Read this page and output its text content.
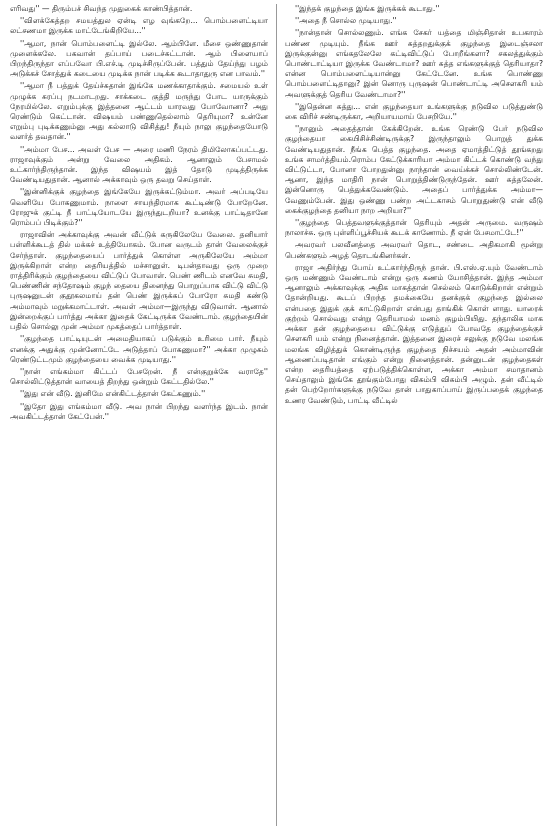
எரிவது'' — திரும்பச் சிவந்த முதுகைக் காண்பித்தான்.

''விளக்கேத்தற சமயத்துல ஏன்டி எழ வுங்கறே... பொம்பளைட்டியா லட்சணமா இருக்க மாட்டேங்கிறியே...''

''ஆமா, நான் பொம்பளைட்டி இல்லே. ஆம்பிளே. மீசை ஒண்ணுதான் முளைக்கலே. பகவான் தப்பாய் படைச்சுட்டான். ஆம் பிளையாப் பிறந்திருந்தா எப்பவோ பி.எச்.டி முடிச்சிருப்பேன். பத்தும் தேய்ந்து பழம் அடுக்கச் சோத்துக் கடையை முடிக்க நான் படிக்க கூடாதாதுரு என பாவம்.''

''ஆமா நீ பத்துக் தேய்ச்சுதான் இங்கே மணக்காதாக்கும். சமையல் உள் முழுக்க சுரப்பு நடமாடறது. சாக்கடை குத்தி மருந்து போட யாருக்கும் நேரமில்லே. எறும்புக்கு இத்தனை ஆட்டம் யாரவது போவோனா? அது ரெண்டும் கெட்டான். விஷயம் பண்ணுதெல்லாம் தெரியுமா? உன்னே எறும்பு புடிக்கணும்னு அது கல்லாடு விசித்து! நீயும் நாலு குழந்தையோடு வளர்த் தவதான்.''

''அம்மா பேச... அவள் பேச — அரை மணி நேரம் திமிலோகப்பட்டது. ராஜாவுக்கும் அன்று வேலை அதிகம். ஆனாலும் பேசாமல் உட்கார்ந்திருந்தான். இந்த விஷயம் இத் தோடு முடித்திருக்க வேண்டியதுதான். ஆனால் அக்காவும் ஒரு தவறு செய்தாள்.

''இன்னிக்குக் குழந்தை இங்கேயே இருக்கட்டும்மா. அவர் அப்படியே வெளியே போகணுமாம். நாளை சாயந்திரமாக கூட்டிண்டு போறேனே. ரோஜுக் குட்டி நீ பாட்டியோடயே இருந்துடறியா? உனக்கு பாட்டிதானே ரொம்பப் பிடிக்கும்?''

ராஜாவின் அக்காவுக்கு அவன் வீட்டுக் கருகிலேயே வேலை. தனியார் பள்ளிக்கூடத் தில் மக்கச் உத்தியோகம். போன வருடம் தான் வேலைக்குச் சேர்ந்தாள். குழந்தையைப் பார்த்துக் கொள்ள அருகிலேயே அம்மா இருக்கிறாள் என்ற தைரியத்தில் மச்சானுள். டிபன்தாவது ஒரு முறை ராத்திரிக்கும் குழந்தையை விட்டுப் போவாள். பெண் ணிடம் எனவே சுமதி, பெண்ணின் சந்தோஷம் குழந் தையை தினைந்து பொறுப்பாக விட்டு விட்டு புருஷனுடன் குதூகலமாய் தன் பெண் இருக்கப் போரோ சுமதி கண்டு அம்மாவும் மறுக்கமாட்டாள். அவள் அம்மா—இருந்து விடுவாள். ஆனால் இன்றைக்குப் பார்த்து அக்கா இதைக் கேட்டிருக்க வேண்டாம். குழந்தையின் பதில் சொல்லு முன் அம்மா முகத்தைப் பார்த்தாள்.

''குழந்தை பாட்டியுடன் அமைதியாகப் படுக்கும் உரிமை பார். நீயும் எனக்கு அதுக்கு முன்னோட்டே அடுத்தாப் போகணுமா?'' அக்கா முழுசும் ரெண்டுட்டமும் குழந்தையை வைக்க முடியாது.''

''நான் எங்கம்மா கிட்டப் பேசறேன். நீ என்குறுக்கே வராதே'' சொல்லிட்டுத்தான் வாயைத் திறந்து ஒன்றும் கேட்டதில்லே.''

''இது என் வீடு. இனிமே என்கிட்டத்தான் கேட்கணும்.''

''இதோ இது எங்கம்மா வீடு. அவ நான் பிறந்து வளர்ந்த இடம். நான் அவகிட்டத்தான் கேட்பேன்.''

''இந்தக் குழந்தை இங்க இருக்கக் கூடாது.''

''அதை நீ சொல்ல முடியாது.''

''நான்தான் சொல்லணும். எங்க சேகர் யத்தை மிஞ்சிதான் உபகாரம் பண்ண முடியும். நீங்க ஊர் சுத்தறதுக்குக் குழந்தை இடைஞ்சலா இருக்குன்னு எங்கதலேலே கட்டிவிட்டுப் போறீங்களா? சகலத்துக்கும் பொண்டாட்டியா இருக்க வேண்டாமா? ஊர் சுத்த எங்களுக்குத் தெரியாதா? என்ன பொம்பளைட்டியான்னு கேட்டேனே. உங்க பொண்ணு பொம்பளைட்டிதானு? இன் னொரு புருஷன் பொண்டாட்டி அசௌகரி யம் அவளுக்குத் தெரிய வேண்டாமா?''

''இதென்ன சுத்து... என் குழந்தையா உங்களுக்கு நடுவில படுத்துண்டு கை விரிச் சண்டிருக்கா, அறியாயமாய் பேசறியே.''

''நானும் அதைத்தான் கேக்கிறேன். உங்க ரெண்டு பேர் நடுவில குழந்தையா கையிசிச்சிண்டிருக்கு? இருந்தாலும் பொறுத் துக்க வேண்டியதுதான். நீங்க பெத்த குழந்தை. அதை ஏமாத்திட்டுத் தூங்கறது உங்க சாமர்த்தியம்.ரொம்ப கேட்டுக்காரியா அம்மா கிட்டக் கொண்டு வந்து விட்டுட்டா, போனா போறதுன்னு நாந்தான் வைய்க்கச் சொல்லிண்டேன். ஆனா, இந்த மாதிரி நான் பொறுத்திண்டுருந்தேன். ஊர் சுத்தலேன். இன்னொரு பெத்துக்கவேண்டும். அதைப் பார்த்துக்க அம்மா—வேணும்பேன். இது ஒண்ணு பண்ற அட்டகாசம் பொறுதுண்டு என் வீடு கைக்குழந்தை தனியா நாற அறியா?''

''குழந்தை பெத்தவளுக்குத்தான் தெரியும் அதன் அருமை. வருஷம் நாலாச்சு. ஒரு புள்ளிப்பூச்சியக் கூடக் காணோம். நீ ஏன் பேசமாட்டே!''

அவரவர் பலவீனத்தை அவரவர் தொட, சண்டை அதிகமாகி மூன்று பெண்களும் அழத் தொடங்கினர்கள்.

ராஜா அதிர்ந்து போய் உட்கார்ந்திருந் தான். பி.எஸ்.ஏ.யும் வேண்டாம் ஒரு மண்ணும் வேண்டாம் என்று ஒரு கணம் யோசித்தான். இந்த அம்மா ஆனாலும் அக்காவுக்கு அதிக மாகத்தான் செல்லம் கொடுக்கிறாள் என்றும் தோன்றியது. கூடப் பிறந்த தமக்கையே தனக்குக் குழந்தை இல்லை என்பதை இதுக் குக் காட்டுகிறாள் என்பது தாங்கிக் கொள் ளாது. யாரைக் குற்றம் சொல்வது என்று தெரியாமல் மனம் குழம்பியிது. தந்தாலிக மாக அக்கா தன் குழந்தையை விட்டுக்கு எடுத்துப் போவதே குழந்தைக்குச் சௌகரி யம் என்று நினைத்தான். இத்தனை இரைச் சலுக்கு நடுவே மலங்க மலங்க விழித்துக் கொண்டிருந்த குழந்தை நிச்சயம் அதன் அம்மாவின் ஆணைப்படிதான் எங்கும் என்று நினைத்தான். தன்னுடன் குழந்தைகள் என்ற தைரியத்தை ஏற்படுத்திக்கொள்ள, அக்கா அம்மா சமாதானம் செய்தாலும் இங்கே தூங்கும்போது விசும்பி விசும்பி அழும். தன் வீட்டில் தன் பெற்றோர்களுக்கு நடுவே தான் பாதுகாப்பாய் இருப்பதைக் குழந்தை உணர வேண்டும், பாட்டி வீட்டில்
